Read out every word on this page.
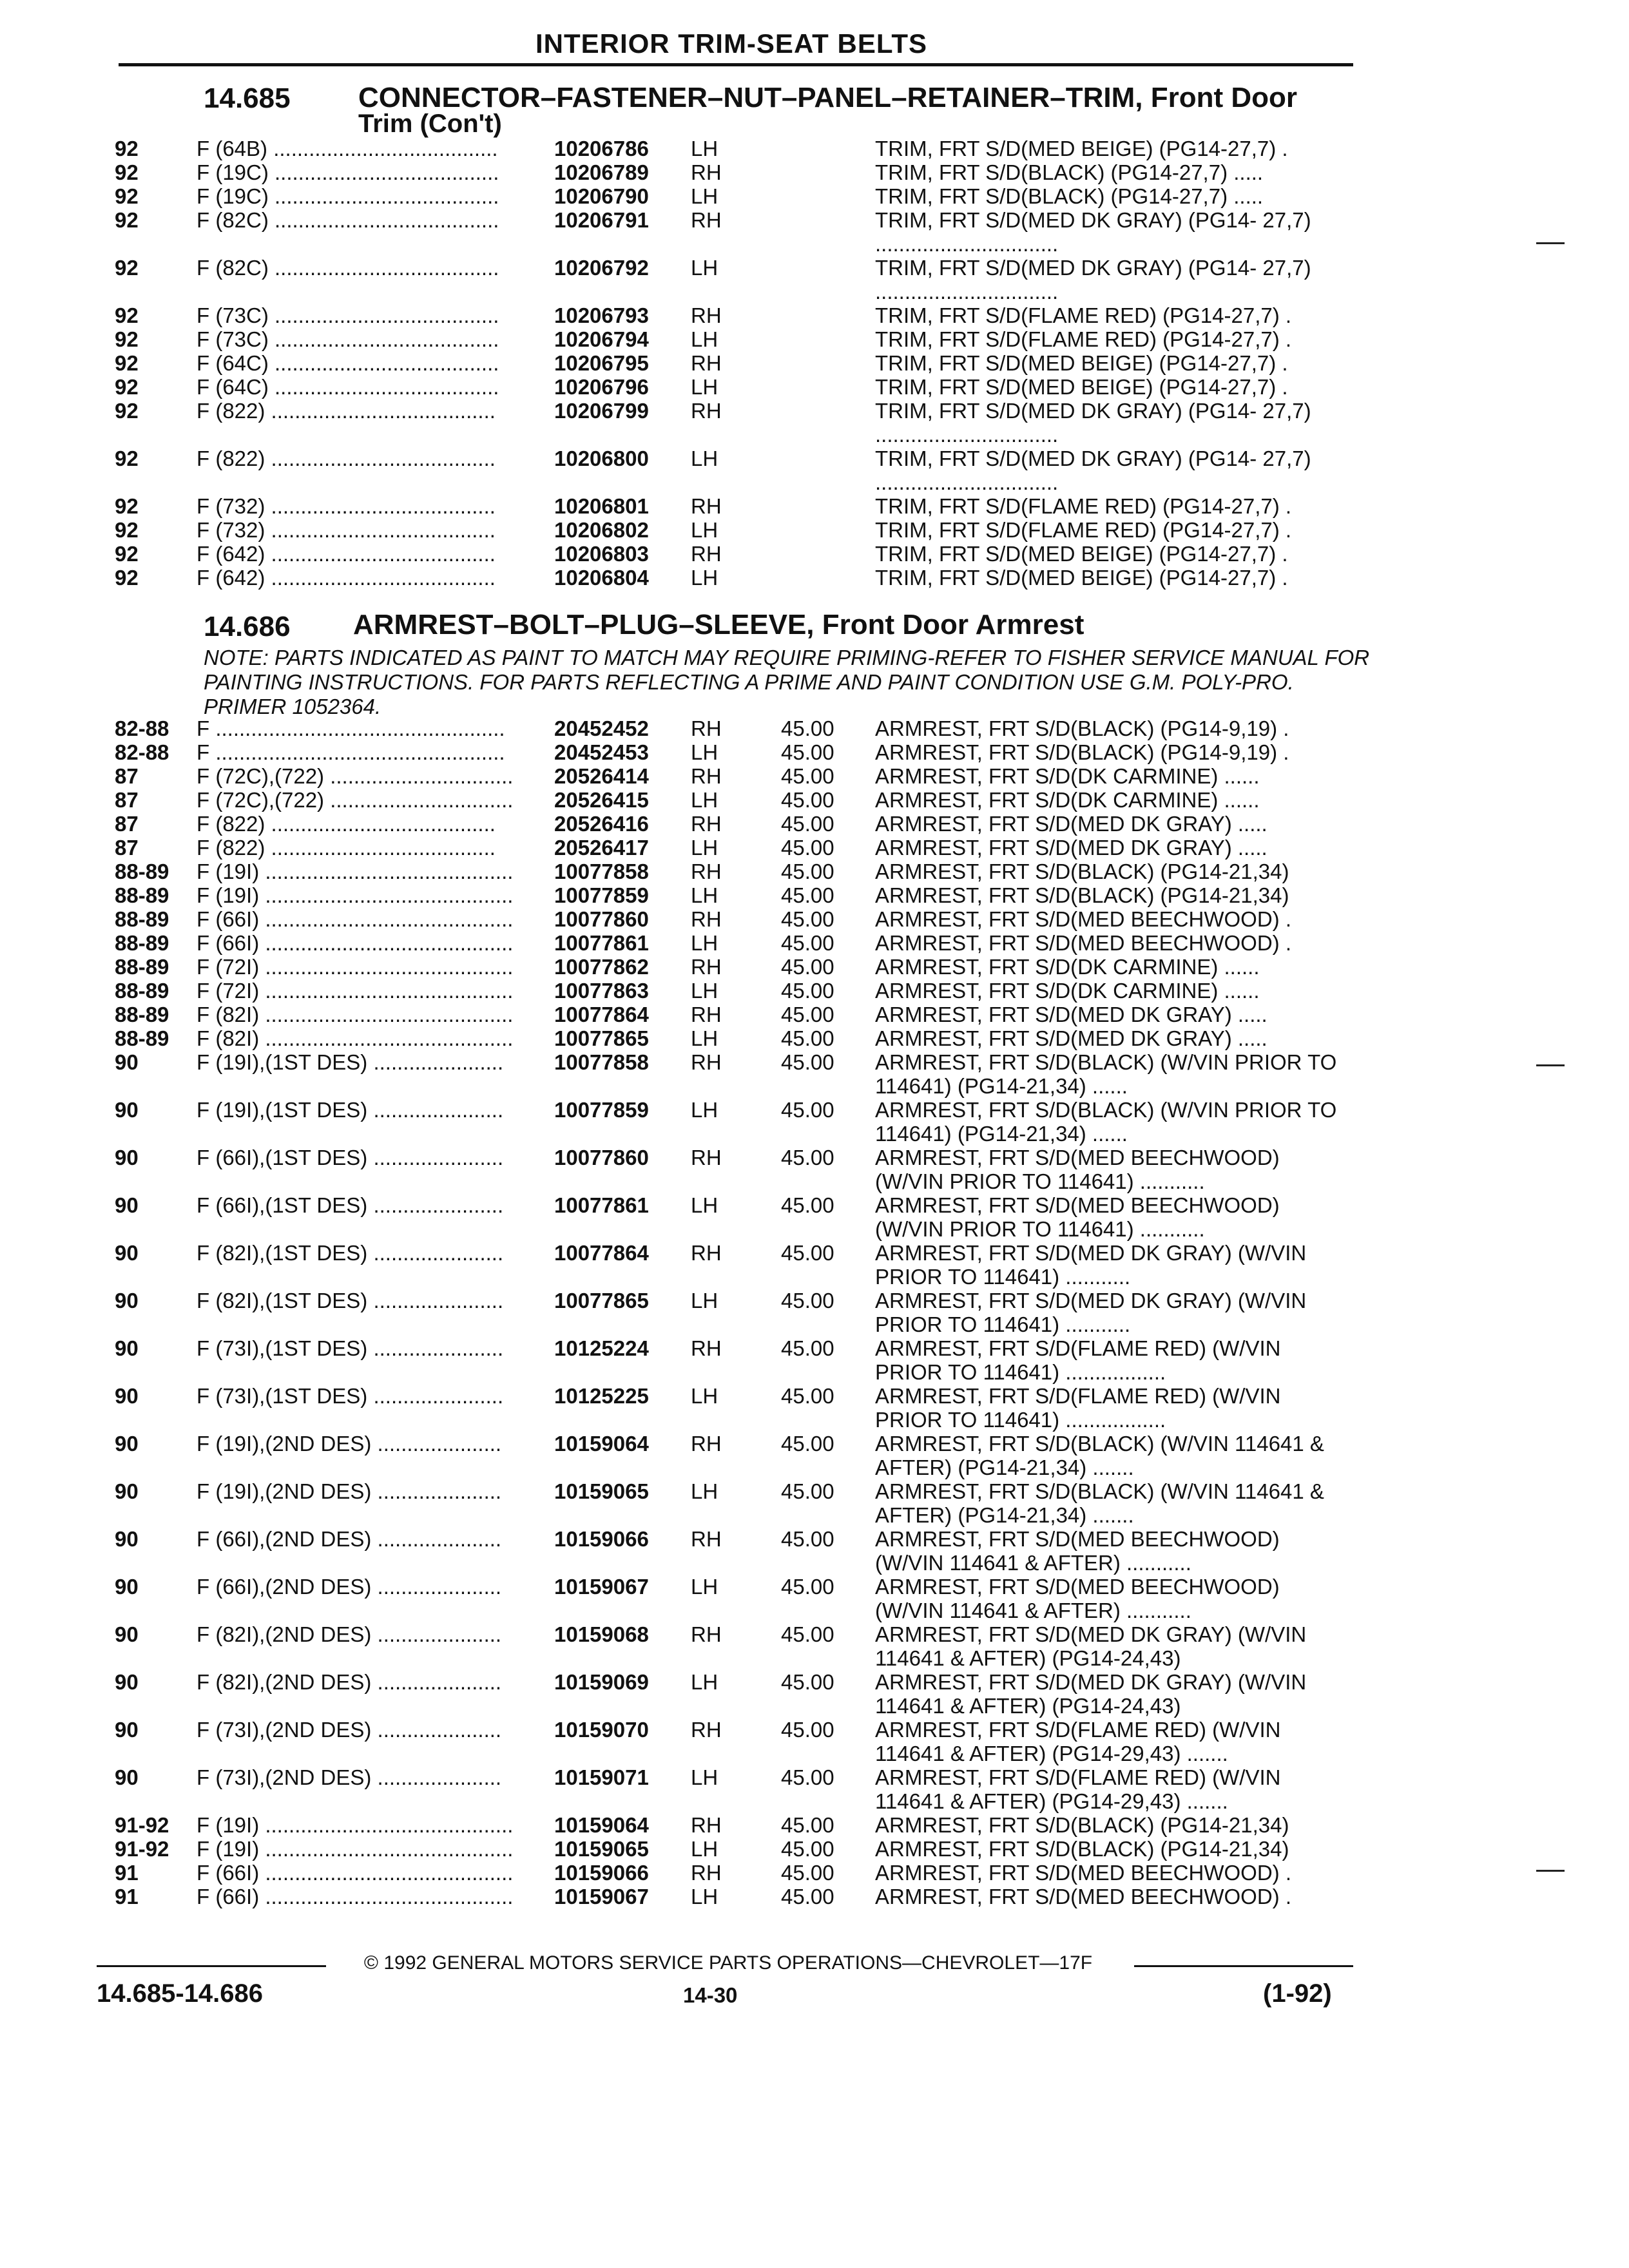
INTERIOR TRIM-SEAT BELTS
14.685 CONNECTOR–FASTENER–NUT–PANEL–RETAINER–TRIM, Front Door
Trim (Con't)
92	F (64B) ......................................	10206786 LH	TRIM, FRT S/D(MED BEIGE) (PG14-27,7) .
92	F (19C) ......................................	10206789 RH	TRIM, FRT S/D(BLACK) (PG14-27,7) .....
92	F (19C) ......................................	10206790 LH	TRIM, FRT S/D(BLACK) (PG14-27,7) .....
92	F (82C) ......................................	10206791 RH	TRIM, FRT S/D(MED DK GRAY) (PG14- 27,7) ...............................
92	F (82C) ......................................	10206792 LH	TRIM, FRT S/D(MED DK GRAY) (PG14- 27,7) ...............................
92	F (73C) ......................................	10206793 RH	TRIM, FRT S/D(FLAME RED) (PG14-27,7) .
92	F (73C) ......................................	10206794 LH	TRIM, FRT S/D(FLAME RED) (PG14-27,7) .
92	F (64C) ......................................	10206795 RH	TRIM, FRT S/D(MED BEIGE) (PG14-27,7) .
92	F (64C) ......................................	10206796 LH	TRIM, FRT S/D(MED BEIGE) (PG14-27,7) .
92	F (822) ......................................	10206799 RH	TRIM, FRT S/D(MED DK GRAY) (PG14- 27,7) ...............................
92	F (822) ......................................	10206800 LH	TRIM, FRT S/D(MED DK GRAY) (PG14- 27,7) ...............................
92	F (732) ......................................	10206801 RH	TRIM, FRT S/D(FLAME RED) (PG14-27,7) .
92	F (732) ......................................	10206802 LH	TRIM, FRT S/D(FLAME RED) (PG14-27,7) .
92	F (642) ......................................	10206803 RH	TRIM, FRT S/D(MED BEIGE) (PG14-27,7) .
92	F (642) ......................................	10206804 LH	TRIM, FRT S/D(MED BEIGE) (PG14-27,7) .
14.686 ARMREST–BOLT–PLUG–SLEEVE, Front Door Armrest
NOTE: PARTS INDICATED AS PAINT TO MATCH MAY REQUIRE PRIMING-REFER TO FISHER SERVICE MANUAL FOR PAINTING INSTRUCTIONS. FOR PARTS REFLECTING A PRIME AND PAINT CONDITION USE G.M. POLY-PRO. PRIMER 1052364.
82-88 F .................................................	20452452 RH	45.00 ARMREST, FRT S/D(BLACK) (PG14-9,19) .
82-88 F .................................................	20452453 LH	45.00 ARMREST, FRT S/D(BLACK) (PG14-9,19) .
87	F (72C),(722) ...............................	20526414 RH	45.00 ARMREST, FRT S/D(DK CARMINE) ......
87	F (72C),(722) ...............................	20526415 LH	45.00 ARMREST, FRT S/D(DK CARMINE) ......
87	F (822) ......................................	20526416 RH	45.00 ARMREST, FRT S/D(MED DK GRAY) .....
87	F (822) ......................................	20526417 LH	45.00 ARMREST, FRT S/D(MED DK GRAY) .....
88-89 F (19I) ..........................................	10077858 RH	45.00 ARMREST, FRT S/D(BLACK) (PG14-21,34)
88-89 F (19I) ..........................................	10077859 LH	45.00 ARMREST, FRT S/D(BLACK) (PG14-21,34)
88-89 F (66I) ..........................................	10077860 RH	45.00 ARMREST, FRT S/D(MED BEECHWOOD) .
88-89 F (66I) ..........................................	10077861 LH	45.00 ARMREST, FRT S/D(MED BEECHWOOD) .
88-89 F (72I) ..........................................	10077862 RH	45.00 ARMREST, FRT S/D(DK CARMINE) ......
88-89 F (72I) ..........................................	10077863 LH	45.00 ARMREST, FRT S/D(DK CARMINE) ......
88-89 F (82I) ..........................................	10077864 RH	45.00 ARMREST, FRT S/D(MED DK GRAY) .....
88-89 F (82I) ..........................................	10077865 LH	45.00 ARMREST, FRT S/D(MED DK GRAY) .....
90	F (19I),(1ST DES) ......................	10077858 RH	45.00 ARMREST, FRT S/D(BLACK) (W/VIN PRIOR TO 114641) (PG14-21,34) ......
90	F (19I),(1ST DES) ......................	10077859 LH	45.00 ARMREST, FRT S/D(BLACK) (W/VIN PRIOR TO 114641) (PG14-21,34) ......
90	F (66I),(1ST DES) ......................	10077860 RH	45.00 ARMREST, FRT S/D(MED BEECHWOOD) (W/VIN PRIOR TO 114641) ...........
90	F (66I),(1ST DES) ......................	10077861 LH	45.00 ARMREST, FRT S/D(MED BEECHWOOD) (W/VIN PRIOR TO 114641) ...........
90	F (82I),(1ST DES) ......................	10077864 RH	45.00 ARMREST, FRT S/D(MED DK GRAY) (W/VIN PRIOR TO 114641) ...........
90	F (82I),(1ST DES) ......................	10077865 LH	45.00 ARMREST, FRT S/D(MED DK GRAY) (W/VIN PRIOR TO 114641) ...........
90	F (73I),(1ST DES) ......................	10125224 RH	45.00 ARMREST, FRT S/D(FLAME RED) (W/VIN PRIOR TO 114641) .................
90	F (73I),(1ST DES) ......................	10125225 LH	45.00 ARMREST, FRT S/D(FLAME RED) (W/VIN PRIOR TO 114641) .................
90	F (19I),(2ND DES) .....................	10159064 RH	45.00 ARMREST, FRT S/D(BLACK) (W/VIN 114641 & AFTER) (PG14-21,34) .......
90	F (19I),(2ND DES) .....................	10159065 LH	45.00 ARMREST, FRT S/D(BLACK) (W/VIN 114641 & AFTER) (PG14-21,34) .......
90	F (66I),(2ND DES) .....................	10159066 RH	45.00 ARMREST, FRT S/D(MED BEECHWOOD) (W/VIN 114641 & AFTER) ...........
90	F (66I),(2ND DES) .....................	10159067 LH	45.00 ARMREST, FRT S/D(MED BEECHWOOD) (W/VIN 114641 & AFTER) ...........
90	F (82I),(2ND DES) .....................	10159068 RH	45.00 ARMREST, FRT S/D(MED DK GRAY) (W/VIN 114641 & AFTER) (PG14-24,43)
90	F (82I),(2ND DES) .....................	10159069 LH	45.00 ARMREST, FRT S/D(MED DK GRAY) (W/VIN 114641 & AFTER) (PG14-24,43)
90	F (73I),(2ND DES) .....................	10159070 RH	45.00 ARMREST, FRT S/D(FLAME RED) (W/VIN 114641 & AFTER) (PG14-29,43) .......
90	F (73I),(2ND DES) .....................	10159071 LH	45.00 ARMREST, FRT S/D(FLAME RED) (W/VIN 114641 & AFTER) (PG14-29,43) .......
91-92 F (19I) ..........................................	10159064 RH	45.00 ARMREST, FRT S/D(BLACK) (PG14-21,34)
91-92 F (19I) ..........................................	10159065 LH	45.00 ARMREST, FRT S/D(BLACK) (PG14-21,34)
91	F (66I) ..........................................	10159066 RH	45.00 ARMREST, FRT S/D(MED BEECHWOOD) .
91	F (66I) ..........................................	10159067 LH	45.00 ARMREST, FRT S/D(MED BEECHWOOD) .
© 1992 GENERAL MOTORS SERVICE PARTS OPERATIONS—CHEVROLET—17F
14.685-14.686	14-30	(1-92)
